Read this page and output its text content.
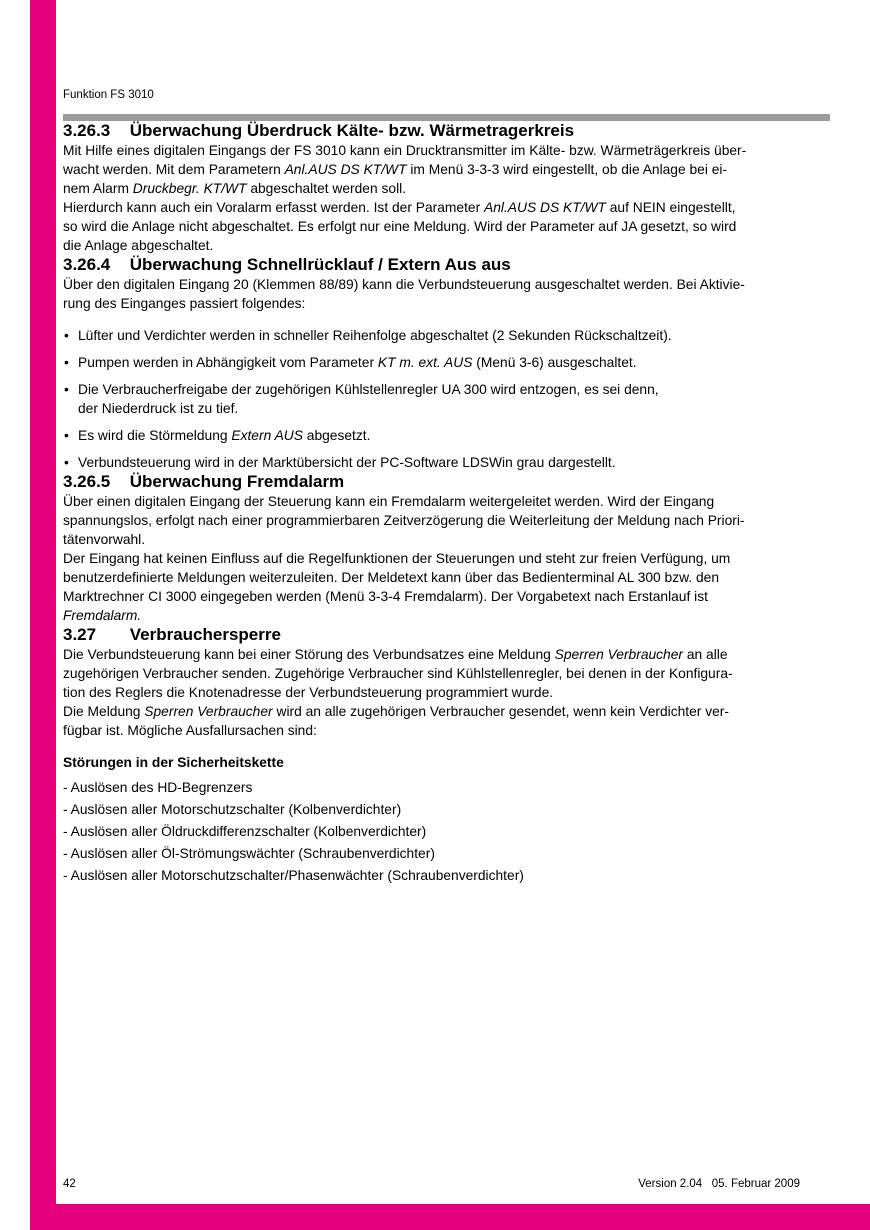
Funktion FS 3010
3.26.3 Überwachung Überdruck Kälte- bzw. Wärmetragerkreis

Mit Hilfe eines digitalen Eingangs der FS 3010 kann ein Drucktransmitter im Kälte- bzw. Wärmeträgerkreis über-
wacht werden. Mit dem Parametern Anl.AUS DS KT/WT im Menü 3-3-3 wird eingestellt, ob die Anlage bei ei-
nem Alarm Druckbegr. KT/WT abgeschaltet werden soll.

Hierdurch kann auch ein Voralarm erfasst werden. Ist der Parameter Anl.AUS DS KT/WT auf NEIN eingestellt,
so wird die Anlage nicht abgeschaltet. Es erfolgt nur eine Meldung. Wird der Parameter auf JA gesetzt, so wird
die Anlage abgeschaltet.

3.26.4 Überwachung Schnellrücklauf / Extern Aus aus

Über den digitalen Eingang 20 (Klemmen 88/89) kann die Verbundsteuerung ausgeschaltet werden. Bei Aktivie-
rung des Einganges passiert folgendes:

• Lüfter und Verdichter werden in schneller Reihenfolge abgeschaltet (2 Sekunden Rückschaltzeit).
• Pumpen werden in Abhängigkeit vom Parameter KT m. ext. AUS (Menü 3-6) ausgeschaltet.
• Die Verbraucherfreigabe der zugehörigen Kühlstellenregler UA 300 wird entzogen, es sei denn,
der Niederdruck ist zu tief.
• Es wird die Störmeldung Extern AUS abgesetzt.
• Verbundsteuerung wird in der Marktübersicht der PC-Software LDSWin grau dargestellt.
3.26.5 Überwachung Fremdalarm

Über einen digitalen Eingang der Steuerung kann ein Fremdalarm weitergeleitet werden. Wird der Eingang
spannungslos, erfolgt nach einer programmierbaren Zeitverzögerung die Weiterleitung der Meldung nach Priori-
tätenvorwahl.

Der Eingang hat keinen Einfluss auf die Regelfunktionen der Steuerungen und steht zur freien Verfügung, um
benutzerdefinierte Meldungen weiterzuleiten. Der Meldetext kann über das Bedienterminal AL 300 bzw. den
Marktrechner CI 3000 eingegeben werden (Menü 3-3-4 Fremdalarm). Der Vorgabetext nach Erstanlauf ist
Fremdalarm.

3.27 Verbrauchersperre

Die Verbundsteuerung kann bei einer Störung des Verbundsatzes eine Meldung Sperren Verbraucher an alle
zugehörigen Verbraucher senden. Zugehörige Verbraucher sind Kühlstellenregler, bei denen in der Konfigura-
tion des Reglers die Knotenadresse der Verbundsteuerung programmiert wurde.

Die Meldung Sperren Verbraucher wird an alle zugehörigen Verbraucher gesendet, wenn kein Verdichter ver-
fügbar ist. Mögliche Ausfallursachen sind:

Störungen in der Sicherheitskette
- Auslösen des HD-Begrenzers
- Auslösen aller Motorschutzschalter (Kolbenverdichter)
- Auslösen aller Öldruckdifferenzschalter (Kolbenverdichter)
- Auslösen aller Öl-Strömungswächter (Schraubenverdichter)
- Auslösen aller Motorschutzschalter/Phasenwächter (Schraubenverdichter)
42	Version 2.04   05. Februar 2009
